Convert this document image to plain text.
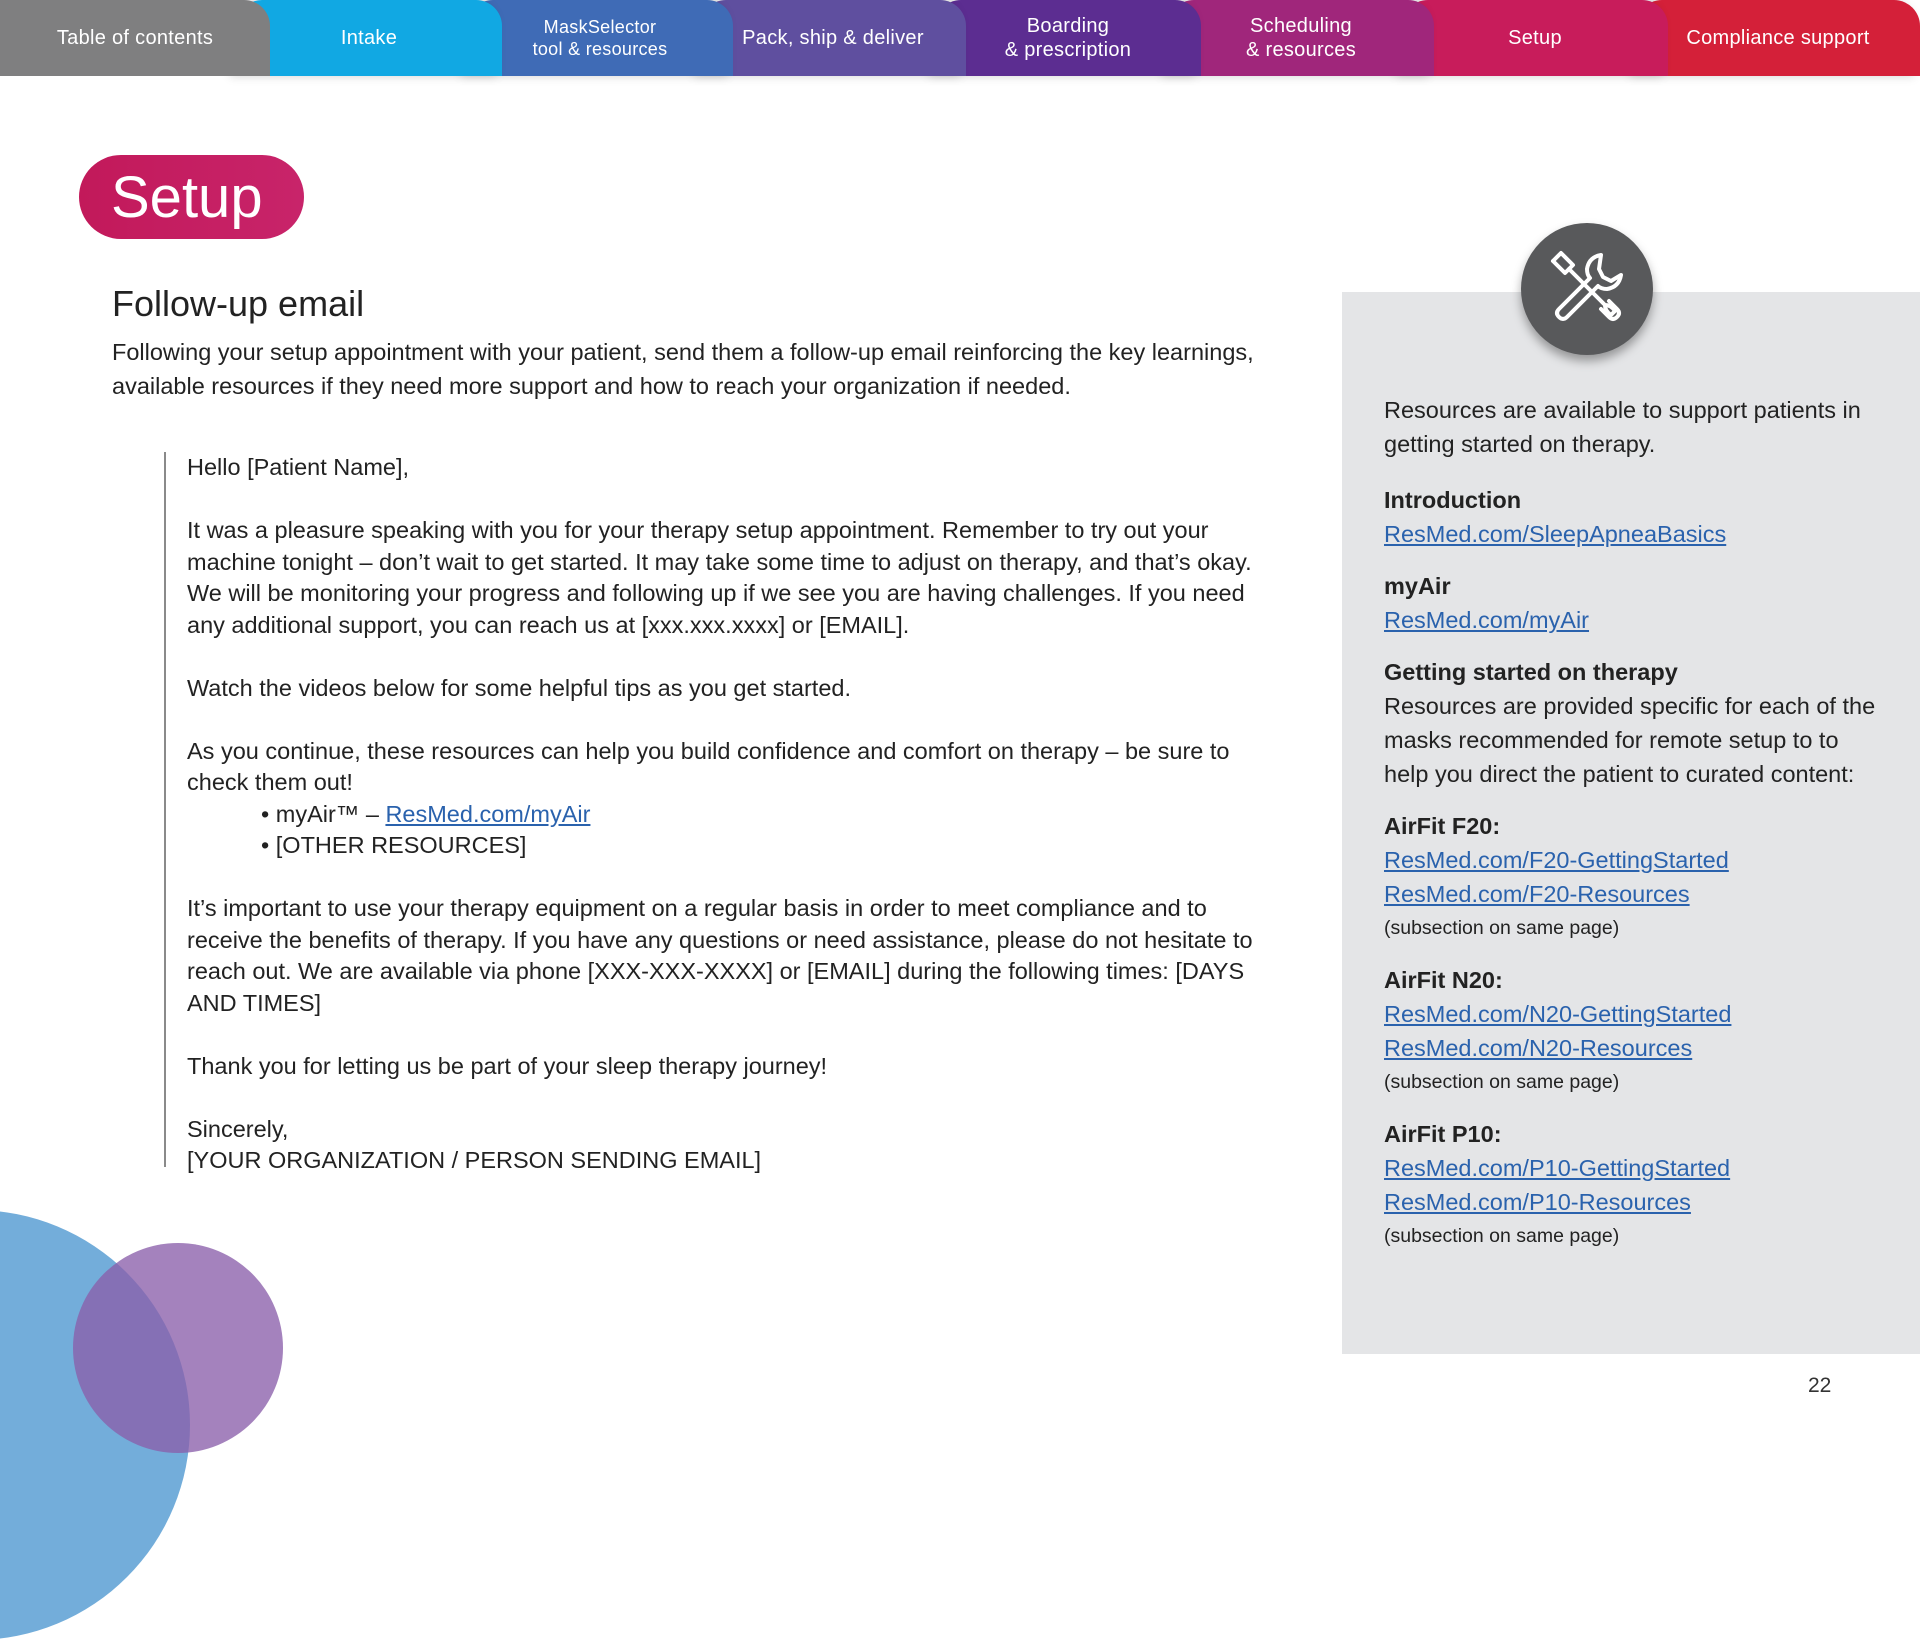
Compliance support
Setup
Scheduling
& resources
Boarding
& prescription
Pack, ship & deliver
MaskSelector
tool & resources
Intake
Table of contents
Setup
Follow-up email

Following your setup appointment with your patient, send them a follow-up email reinforcing the key learnings, available resources if they need more support and how to reach your organization if needed.

Hello [Patient Name],

It was a pleasure speaking with you for your therapy setup appointment. Remember to try out your machine tonight – don’t wait to get started. It may take some time to adjust on therapy, and that’s okay. We will be monitoring your progress and following up if we see you are having challenges. If you need any additional support, you can reach us at [xxx.xxx.xxxx] or [EMAIL].

Watch the videos below for some helpful tips as you get started.

As you continue, these resources can help you build confidence and comfort on therapy – be sure to check them out!

• myAir™ – ResMed.com/myAir

• [OTHER RESOURCES]

It’s important to use your therapy equipment on a regular basis in order to meet compliance and to receive the benefits of therapy. If you have any questions or need assistance, please do not hesitate to reach out. We are available via phone [XXX-XXX-XXXX] or [EMAIL] during the following times: [DAYS AND TIMES]

Thank you for letting us be part of your sleep therapy journey!

Sincerely,

[YOUR ORGANIZATION / PERSON SENDING EMAIL]

Resources are available to support patients in getting started on therapy.

Introduction

ResMed.com/SleepApneaBasics

myAir

ResMed.com/myAir

Getting started on therapy

Resources are provided specific for each of the masks recommended for remote setup to to help you direct the patient to curated content:

AirFit F20:

ResMed.com/F20-GettingStarted

ResMed.com/F20-Resources

(subsection on same page)

AirFit N20:

ResMed.com/N20-GettingStarted

ResMed.com/N20-Resources

(subsection on same page)

AirFit P10:

ResMed.com/P10-GettingStarted

ResMed.com/P10-Resources

(subsection on same page)

22
